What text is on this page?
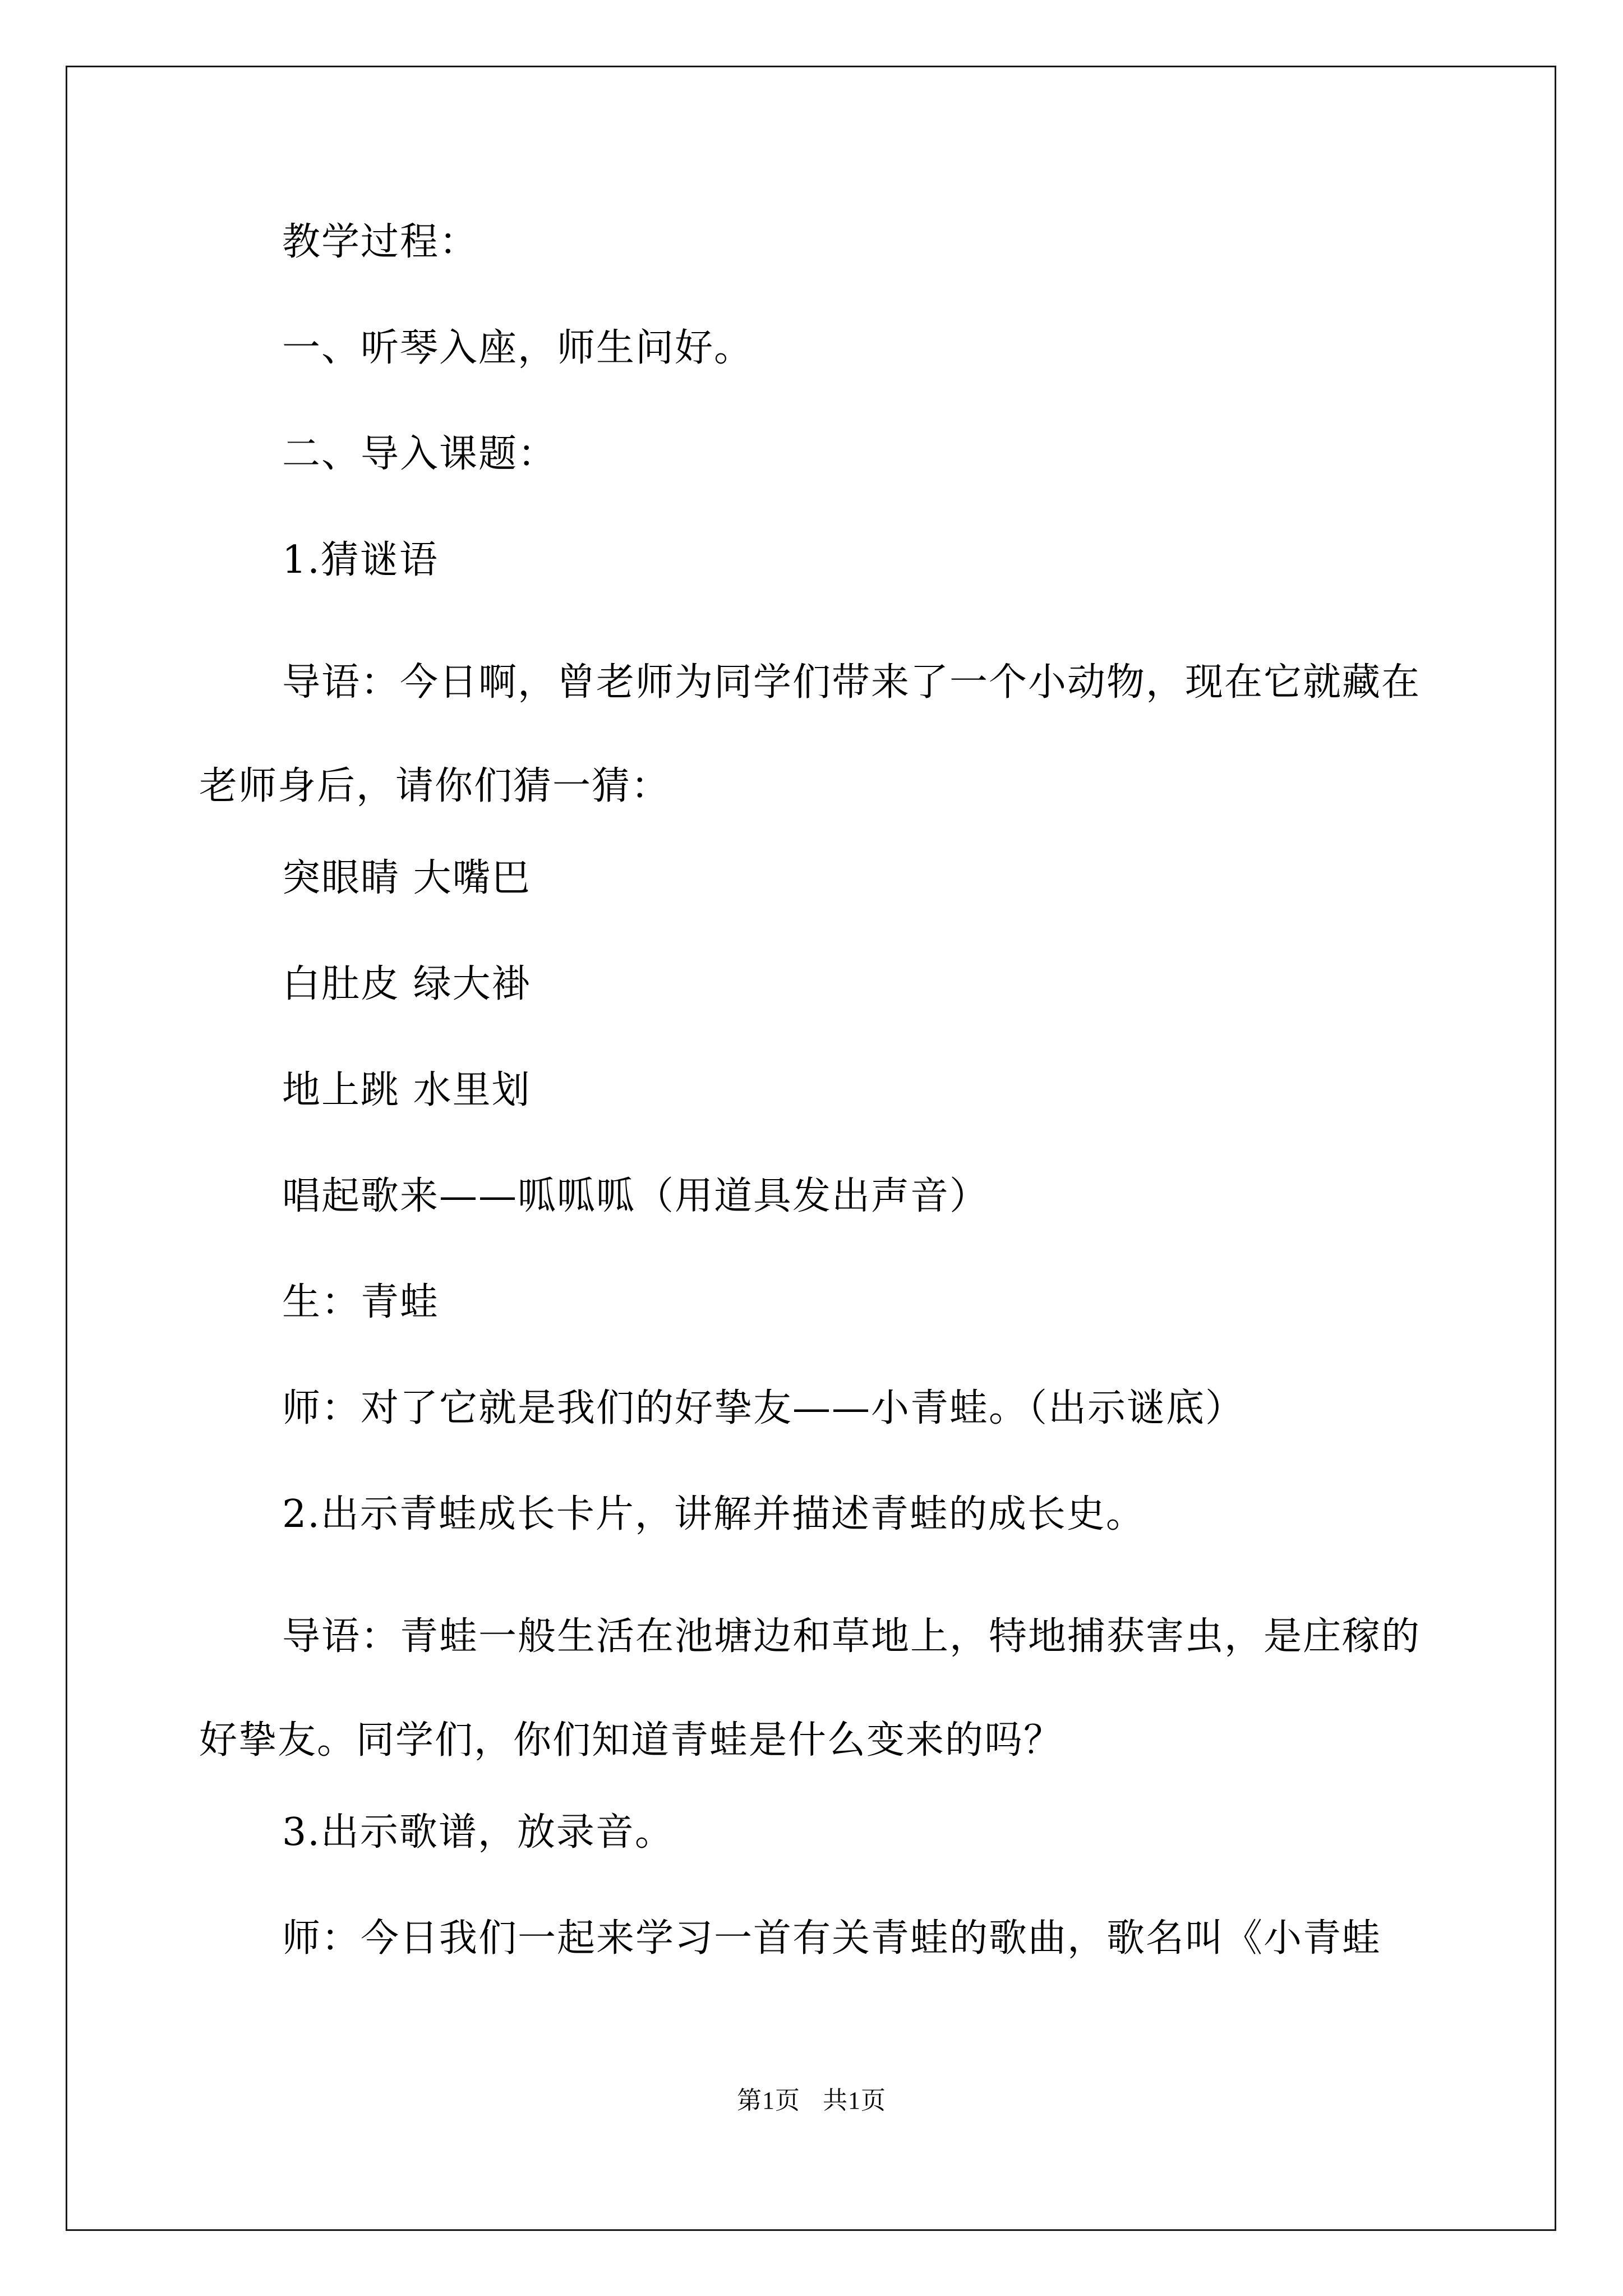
教学过程：

一、听琴入座，师生问好。

二、导入课题：

1.猜谜语

导语：今日啊，曾老师为同学们带来了一个小动物，现在它就藏在老师身后，请你们猜一猜：

突眼睛 大嘴巴

白肚皮 绿大褂

地上跳 水里划

唱起歌来——呱呱呱（用道具发出声音）

生：青蛙

师：对了它就是我们的好挚友——小青蛙。（出示谜底）

2.出示青蛙成长卡片，讲解并描述青蛙的成长史。

导语：青蛙一般生活在池塘边和草地上，特地捕获害虫，是庄稼的好挚友。同学们，你们知道青蛙是什么变来的吗？

3.出示歌谱，放录音。

师：今日我们一起来学习一首有关青蛙的歌曲，歌名叫《小青蛙

第1页 共1页
